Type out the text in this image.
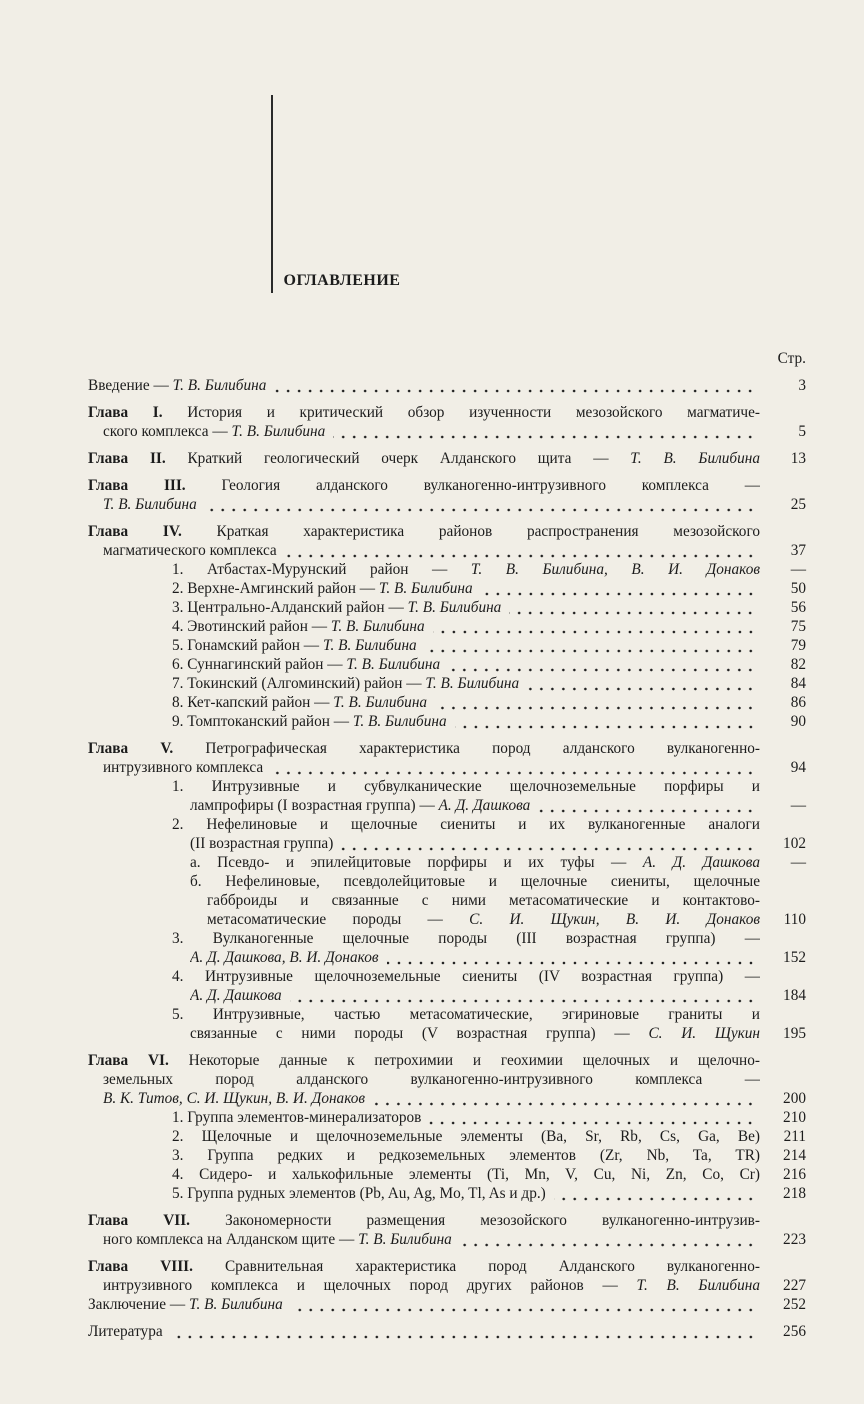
ОГЛАВЛЕНИЕ
Стр.
Введение — Т. В. Билибина	3
Глава I. История и критический обзор изученности мезозойского магматиче-
ского комплекса — Т. В. Билибина	5
Глава II. Краткий геологический очерк Алданского щита — Т. В. Билибина	13
Глава III. Геология алданского вулканогенно-интрузивного комплекса —
Т. В. Билибина	25
Глава IV. Краткая характеристика районов распространения мезозойского
магматического комплекса	37
1. Атбастах-Мурунский район — Т. В. Билибина, В. И. Донаков	—
2. Верхне-Амгинский район — Т. В. Билибина	50
3. Центрально-Алданский район — Т. В. Билибина	56
4. Эвотинский район — Т. В. Билибина	75
5. Гонамский район — Т. В. Билибина	79
6. Суннагинский район — Т. В. Билибина	82
7. Токинский (Алгоминский) район — Т. В. Билибина	84
8. Кет-капский район — Т. В. Билибина	86
9. Томптоканский район — Т. В. Билибина	90
Глава V. Петрографическая характеристика пород алданского вулканогенно-
интрузивного комплекса	94
1. Интрузивные и субвулканические щелочноземельные порфиры и
лампрофиры (I возрастная группа) — А. Д. Дашкова	—
2. Нефелиновые и щелочные сиениты и их вулканогенные аналоги
(II возрастная группа)	102
а. Псевдо- и эпилейцитовые порфиры и их туфы — А. Д. Дашкова	—
б. Нефелиновые, псевдолейцитовые и щелочные сиениты, щелочные
габброиды и связанные с ними метасоматические и контактово-
метасоматические породы — С. И. Щукин, В. И. Донаков	110
3. Вулканогенные щелочные породы (III возрастная группа) —
А. Д. Дашкова, В. И. Донаков	152
4. Интрузивные щелочноземельные сиениты (IV возрастная группа) —
А. Д. Дашкова	184
5. Интрузивные, частью метасоматические, эгириновые граниты и
связанные с ними породы (V возрастная группа) — С. И. Щукин	195
Глава VI. Некоторые данные к петрохимии и геохимии щелочных и щелочно-
земельных пород алданского вулканогенно-интрузивного комплекса —
В. К. Титов, С. И. Щукин, В. И. Донаков	200
1. Группа элементов-минерализаторов	210
2. Щелочные и щелочноземельные элементы (Ba, Sr, Rb, Cs, Ga, Be)	211
3. Группа редких и редкоземельных элементов (Zr, Nb, Ta, TR)	214
4. Сидеро- и халькофильные элементы (Ti, Mn, V, Cu, Ni, Zn, Co, Cr)	216
5. Группа рудных элементов (Pb, Au, Ag, Mo, Tl, As и др.)	218
Глава VII. Закономерности размещения мезозойского вулканогенно-интрузив-
ного комплекса на Алданском щите — Т. В. Билибина	223
Глава VIII. Сравнительная характеристика пород Алданского вулканогенно-
интрузивного комплекса и щелочных пород других районов — Т. В. Билибина	227
Заключение — Т. В. Билибина	252
Литература	256
